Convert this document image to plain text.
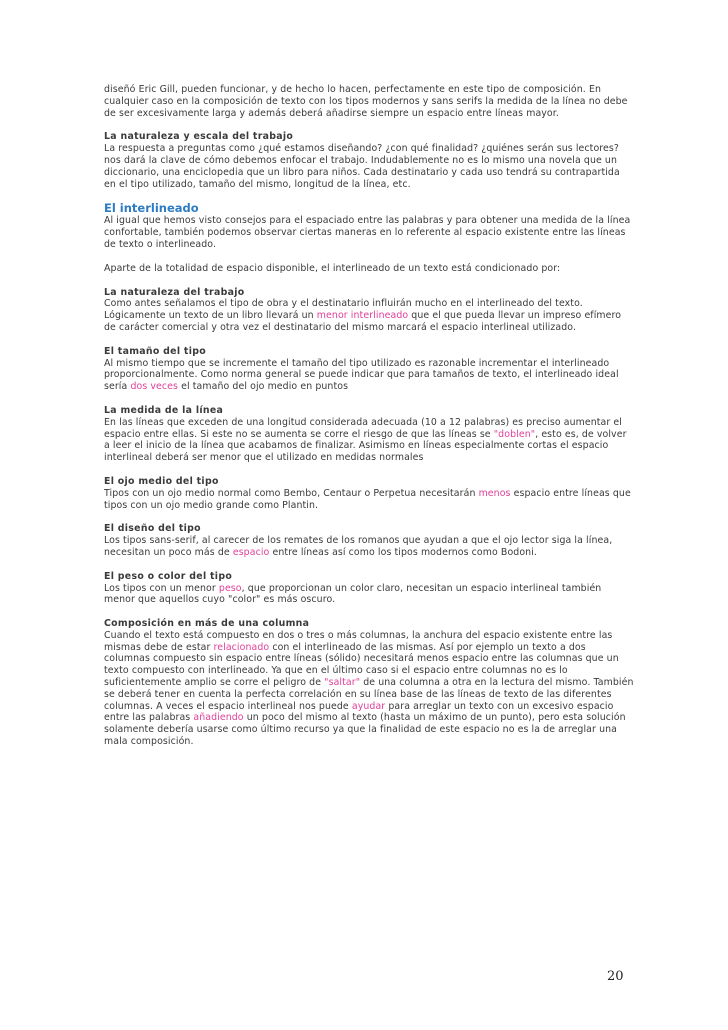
diseñó Eric Gill, pueden funcionar, y de hecho lo hacen, perfectamente en este tipo de composición. En cualquier caso en la composición de texto con los tipos modernos y sans serifs la medida de la línea no debe de ser excesivamente larga y además deberá añadirse siempre un espacio entre líneas mayor.

La naturaleza y escala del trabajo

La respuesta a preguntas como ¿qué estamos diseñando? ¿con qué finalidad? ¿quiénes serán sus lectores? nos dará la clave de cómo debemos enfocar el trabajo. Indudablemente no es lo mismo una novela que un diccionario, una enciclopedia que un libro para niños. Cada destinatario y cada uso tendrá su contrapartida en el tipo utilizado, tamaño del mismo, longitud de la línea, etc.

El interlineado

Al igual que hemos visto consejos para el espaciado entre las palabras y para obtener una medida de la línea confortable, también podemos observar ciertas maneras en lo referente al espacio existente entre las líneas de texto o interlineado.

Aparte de la totalidad de espacio disponible, el interlineado de un texto está condicionado por:

La naturaleza del trabajo

Como antes señalamos el tipo de obra y el destinatario influirán mucho en el interlineado del texto. Lógicamente un texto de un libro llevará un menor interlineado que el que pueda llevar un impreso efímero de carácter comercial y otra vez el destinatario del mismo marcará el espacio interlineal utilizado.

El tamaño del tipo

Al mismo tiempo que se incremente el tamaño del tipo utilizado es razonable incrementar el interlineado proporcionalmente. Como norma general se puede indicar que para tamaños de texto, el interlineado ideal sería dos veces el tamaño del ojo medio en puntos

La medida de la línea

En las líneas que exceden de una longitud considerada adecuada (10 a 12 palabras) es preciso aumentar el espacio entre ellas. Si este no se aumenta se corre el riesgo de que las líneas se "doblen", esto es, de volver a leer el inicio de la línea que acabamos de finalizar. Asimismo en líneas especialmente cortas el espacio interlineal deberá ser menor que el utilizado en medidas normales

El ojo medio del tipo

Tipos con un ojo medio normal como Bembo, Centaur o Perpetua necesitarán menos espacio entre líneas que tipos con un ojo medio grande como Plantin.

El diseño del tipo

Los tipos sans-serif, al carecer de los remates de los romanos que ayudan a que el ojo lector siga la línea, necesitan un poco más de espacio entre líneas así como los tipos modernos como Bodoni.

El peso o color del tipo

Los tipos con un menor peso, que proporcionan un color claro, necesitan un espacio interlineal también menor que aquellos cuyo "color" es más oscuro.

Composición en más de una columna

Cuando el texto está compuesto en dos o tres o más columnas, la anchura del espacio existente entre las mismas debe de estar relacionado con el interlineado de las mismas. Así por ejemplo un texto a dos columnas compuesto sin espacio entre líneas (sólido) necesitará menos espacio entre las columnas que un texto compuesto con interlineado. Ya que en el último caso si el espacio entre columnas no es lo suficientemente amplio se corre el peligro de "saltar" de una columna a otra en la lectura del mismo. También se deberá tener en cuenta la perfecta correlación en su línea base de las líneas de texto de las diferentes columnas. A veces el espacio interlineal nos puede ayudar para arreglar un texto con un excesivo espacio entre las palabras añadiendo un poco del mismo al texto (hasta un máximo de un punto), pero esta solución solamente debería usarse como último recurso ya que la finalidad de este espacio no es la de arreglar una mala composición.

20
